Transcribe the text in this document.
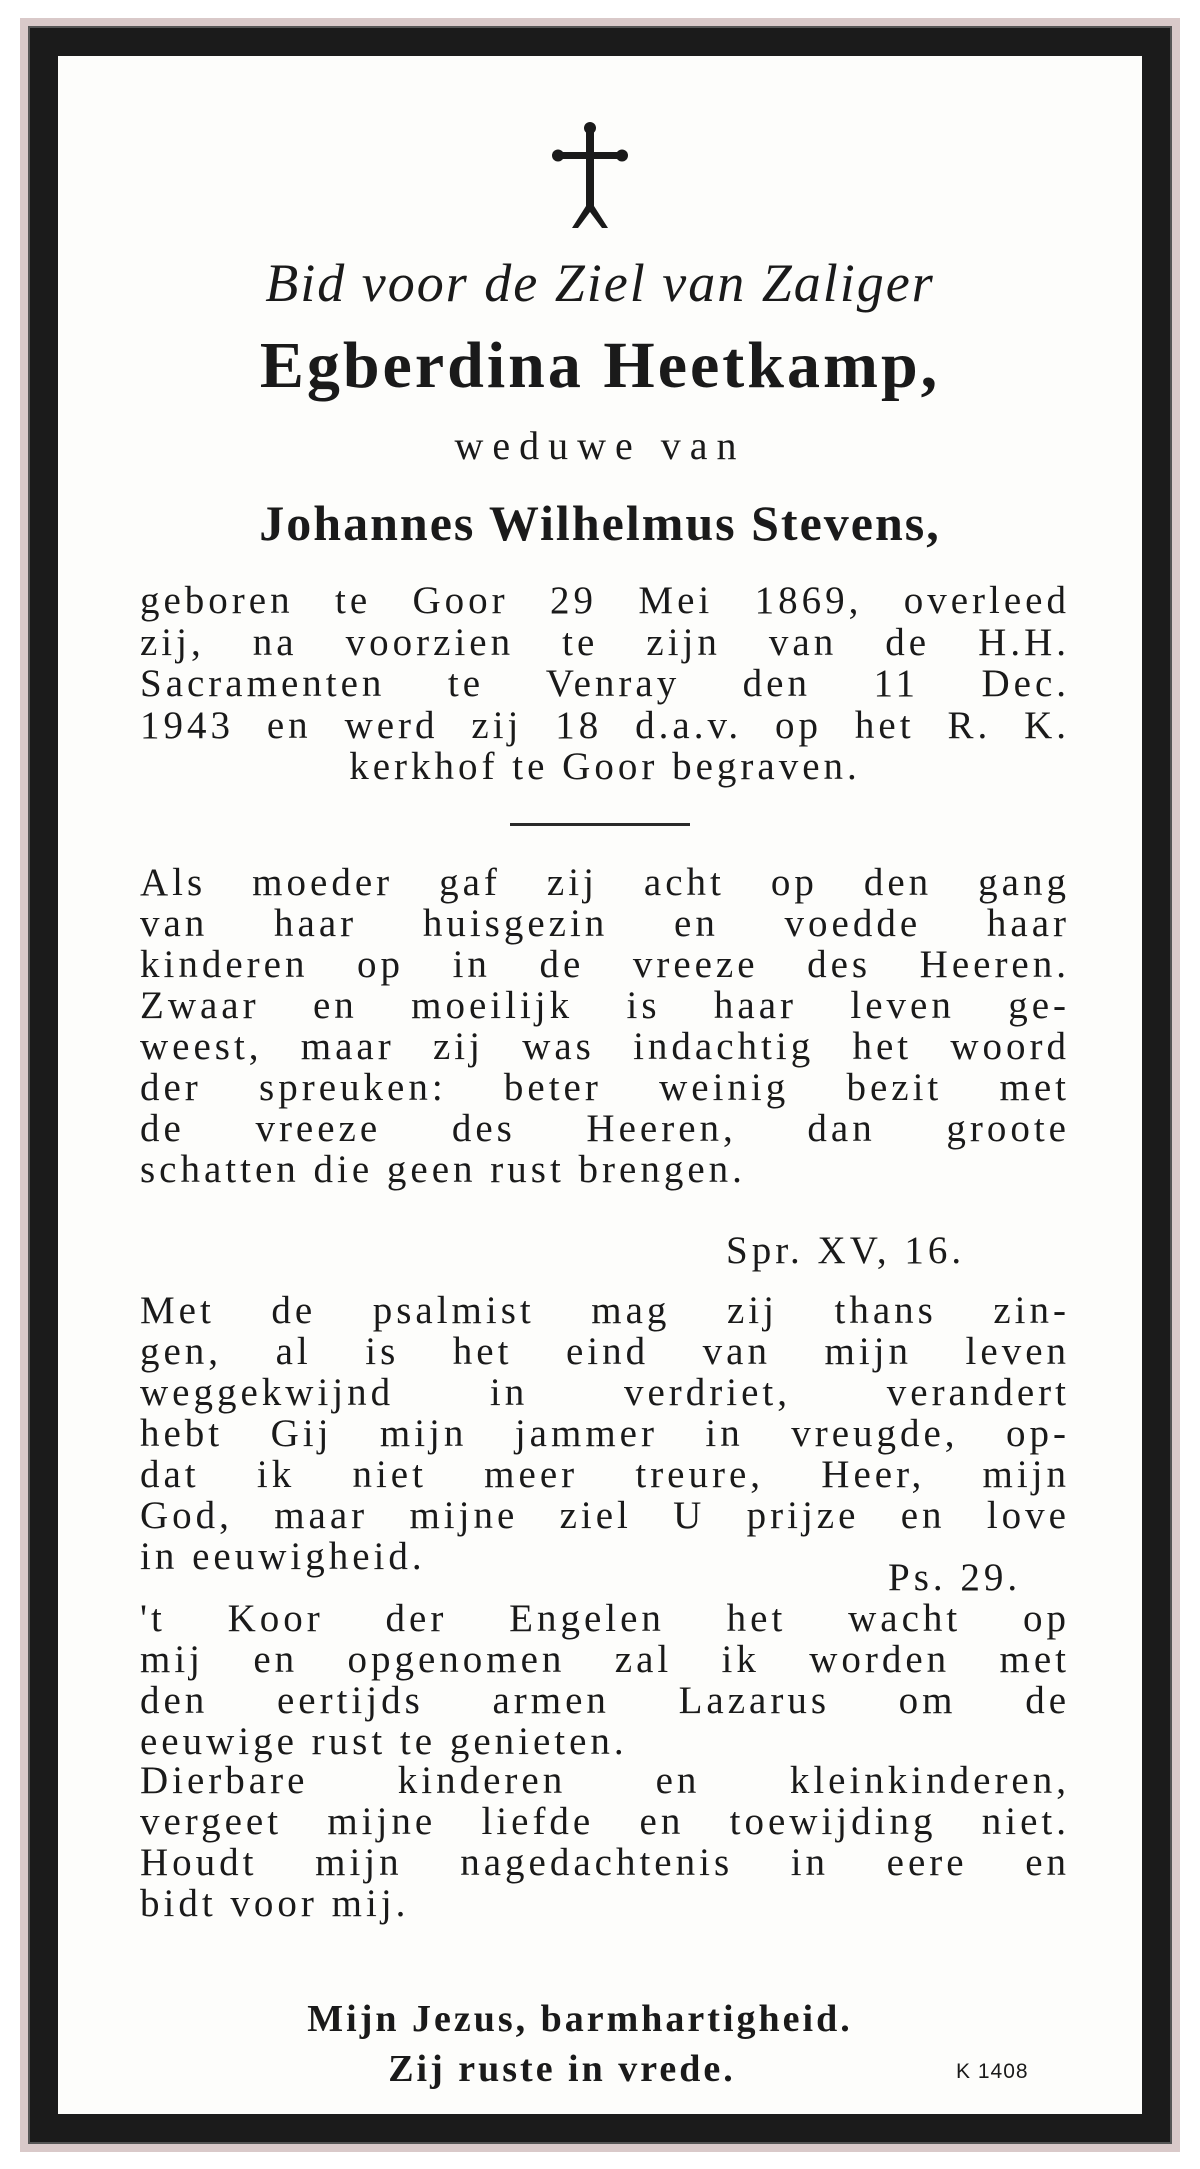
Bid voor de Ziel van Zaliger
Egberdina Heetkamp,
weduwe van
Johannes Wilhelmus Stevens,
geboren te Goor 29 Mei 1869, overleed
zij, na voorzien te zijn van de H.H.
Sacramenten te Venray den 11 Dec.
1943 en werd zij 18 d.a.v. op het R. K.
kerkhof te Goor begraven.
Als moeder gaf zij acht op den gang
van haar huisgezin en voedde haar
kinderen op in de vreeze des Heeren.
Zwaar en moeilijk is haar leven ge-
weest, maar zij was indachtig het woord
der spreuken: beter weinig bezit met
de vreeze des Heeren, dan groote
schatten die geen rust brengen.
Spr. XV, 16.
Met de psalmist mag zij thans zin-
gen, al is het eind van mijn leven
weggekwijnd in verdriet, verandert
hebt Gij mijn jammer in vreugde, op-
dat ik niet meer treure, Heer, mijn
God, maar mijne ziel U prijze en love
in eeuwigheid.	Ps. 29.
't Koor der Engelen het wacht op
mij en opgenomen zal ik worden met
den eertijds armen Lazarus om de
eeuwige rust te genieten.
Dierbare kinderen en kleinkinderen,
vergeet mijne liefde en toewijding niet.
Houdt mijn nagedachtenis in eere en
bidt voor mij.
Mijn Jezus, barmhartigheid.
Zij ruste in vrede.	K 1408
